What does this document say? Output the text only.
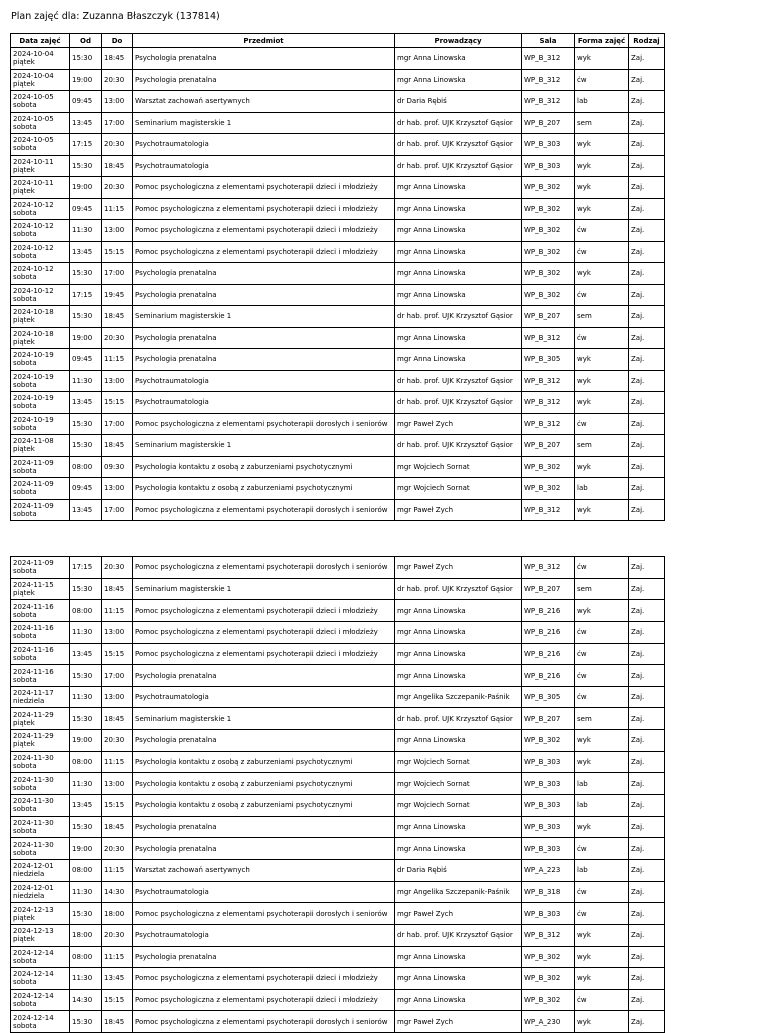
Plan zajęć dla: Zuzanna Błaszczyk (137814)
Data zajęć	Od	Do	Przedmiot	Prowadzący	Sala	Forma zajęć	Rodzaj

2024-10-04
piątek	15:30	18:45	Psychologia prenatalna	mgr Anna Linowska	WP_B_312	wyk	Zaj.

2024-10-04
piątek	19:00	20:30	Psychologia prenatalna	mgr Anna Linowska	WP_B_312	ćw	Zaj.

2024-10-05
sobota	09:45	13:00	Warsztat zachowań asertywnych	dr Daria Rębiś	WP_B_312	lab	Zaj.

2024-10-05
sobota	13:45	17:00	Seminarium magisterskie 1	dr hab. prof. UJK Krzysztof Gąsior	WP_B_207	sem	Zaj.

2024-10-05
sobota	17:15	20:30	Psychotraumatologia	dr hab. prof. UJK Krzysztof Gąsior	WP_B_303	wyk	Zaj.

2024-10-11
piątek	15:30	18:45	Psychotraumatologia	dr hab. prof. UJK Krzysztof Gąsior	WP_B_303	wyk	Zaj.

2024-10-11
piątek	19:00	20:30	Pomoc psychologiczna z elementami psychoterapii dzieci i młodzieży	mgr Anna Linowska	WP_B_302	wyk	Zaj.

2024-10-12
sobota	09:45	11:15	Pomoc psychologiczna z elementami psychoterapii dzieci i młodzieży	mgr Anna Linowska	WP_B_302	wyk	Zaj.

2024-10-12
sobota	11:30	13:00	Pomoc psychologiczna z elementami psychoterapii dzieci i młodzieży	mgr Anna Linowska	WP_B_302	ćw	Zaj.

2024-10-12
sobota	13:45	15:15	Pomoc psychologiczna z elementami psychoterapii dzieci i młodzieży	mgr Anna Linowska	WP_B_302	ćw	Zaj.

2024-10-12
sobota	15:30	17:00	Psychologia prenatalna	mgr Anna Linowska	WP_B_302	wyk	Zaj.

2024-10-12
sobota	17:15	19:45	Psychologia prenatalna	mgr Anna Linowska	WP_B_302	ćw	Zaj.

2024-10-18
piątek	15:30	18:45	Seminarium magisterskie 1	dr hab. prof. UJK Krzysztof Gąsior	WP_B_207	sem	Zaj.

2024-10-18
piątek	19:00	20:30	Psychologia prenatalna	mgr Anna Linowska	WP_B_312	ćw	Zaj.

2024-10-19
sobota	09:45	11:15	Psychologia prenatalna	mgr Anna Linowska	WP_B_305	wyk	Zaj.

2024-10-19
sobota	11:30	13:00	Psychotraumatologia	dr hab. prof. UJK Krzysztof Gąsior	WP_B_312	wyk	Zaj.

2024-10-19
sobota	13:45	15:15	Psychotraumatologia	dr hab. prof. UJK Krzysztof Gąsior	WP_B_312	wyk	Zaj.

2024-10-19
sobota	15:30	17:00	Pomoc psychologiczna z elementami psychoterapii dorosłych i seniorów	mgr Paweł Zych	WP_B_312	ćw	Zaj.

2024-11-08
piątek	15:30	18:45	Seminarium magisterskie 1	dr hab. prof. UJK Krzysztof Gąsior	WP_B_207	sem	Zaj.

2024-11-09
sobota	08:00	09:30	Psychologia kontaktu z osobą z zaburzeniami psychotycznymi	mgr Wojciech Sornat	WP_B_302	wyk	Zaj.

2024-11-09
sobota	09:45	13:00	Psychologia kontaktu z osobą z zaburzeniami psychotycznymi	mgr Wojciech Sornat	WP_B_302	lab	Zaj.

2024-11-09
sobota	13:45	17:00	Pomoc psychologiczna z elementami psychoterapii dorosłych i seniorów	mgr Paweł Zych	WP_B_312	wyk	Zaj.
2024-11-09
sobota	17:15	20:30	Pomoc psychologiczna z elementami psychoterapii dorosłych i seniorów	mgr Paweł Zych	WP_B_312	ćw	Zaj.

2024-11-15
piątek	15:30	18:45	Seminarium magisterskie 1	dr hab. prof. UJK Krzysztof Gąsior	WP_B_207	sem	Zaj.

2024-11-16
sobota	08:00	11:15	Pomoc psychologiczna z elementami psychoterapii dzieci i młodzieży	mgr Anna Linowska	WP_B_216	wyk	Zaj.

2024-11-16
sobota	11:30	13:00	Pomoc psychologiczna z elementami psychoterapii dzieci i młodzieży	mgr Anna Linowska	WP_B_216	ćw	Zaj.

2024-11-16
sobota	13:45	15:15	Pomoc psychologiczna z elementami psychoterapii dzieci i młodzieży	mgr Anna Linowska	WP_B_216	ćw	Zaj.

2024-11-16
sobota	15:30	17:00	Psychologia prenatalna	mgr Anna Linowska	WP_B_216	ćw	Zaj.

2024-11-17
niedziela	11:30	13:00	Psychotraumatologia	mgr Angelika Szczepanik-Paśnik	WP_B_305	ćw	Zaj.

2024-11-29
piątek	15:30	18:45	Seminarium magisterskie 1	dr hab. prof. UJK Krzysztof Gąsior	WP_B_207	sem	Zaj.

2024-11-29
piątek	19:00	20:30	Psychologia prenatalna	mgr Anna Linowska	WP_B_302	wyk	Zaj.

2024-11-30
sobota	08:00	11:15	Psychologia kontaktu z osobą z zaburzeniami psychotycznymi	mgr Wojciech Sornat	WP_B_303	wyk	Zaj.

2024-11-30
sobota	11:30	13:00	Psychologia kontaktu z osobą z zaburzeniami psychotycznymi	mgr Wojciech Sornat	WP_B_303	lab	Zaj.

2024-11-30
sobota	13:45	15:15	Psychologia kontaktu z osobą z zaburzeniami psychotycznymi	mgr Wojciech Sornat	WP_B_303	lab	Zaj.

2024-11-30
sobota	15:30	18:45	Psychologia prenatalna	mgr Anna Linowska	WP_B_303	wyk	Zaj.

2024-11-30
sobota	19:00	20:30	Psychologia prenatalna	mgr Anna Linowska	WP_B_303	ćw	Zaj.

2024-12-01
niedziela	08:00	11:15	Warsztat zachowań asertywnych	dr Daria Rębiś	WP_A_223	lab	Zaj.

2024-12-01
niedziela	11:30	14:30	Psychotraumatologia	mgr Angelika Szczepanik-Paśnik	WP_B_318	ćw	Zaj.

2024-12-13
piątek	15:30	18:00	Pomoc psychologiczna z elementami psychoterapii dorosłych i seniorów	mgr Paweł Zych	WP_B_303	ćw	Zaj.

2024-12-13
piątek	18:00	20:30	Psychotraumatologia	dr hab. prof. UJK Krzysztof Gąsior	WP_B_312	wyk	Zaj.

2024-12-14
sobota	08:00	11:15	Psychologia prenatalna	mgr Anna Linowska	WP_B_302	wyk	Zaj.

2024-12-14
sobota	11:30	13:45	Pomoc psychologiczna z elementami psychoterapii dzieci i młodzieży	mgr Anna Linowska	WP_B_302	wyk	Zaj.

2024-12-14
sobota	14:30	15:15	Pomoc psychologiczna z elementami psychoterapii dzieci i młodzieży	mgr Anna Linowska	WP_B_302	ćw	Zaj.

2024-12-14
sobota	15:30	18:45	Pomoc psychologiczna z elementami psychoterapii dorosłych i seniorów	mgr Paweł Zych	WP_A_230	wyk	Zaj.
